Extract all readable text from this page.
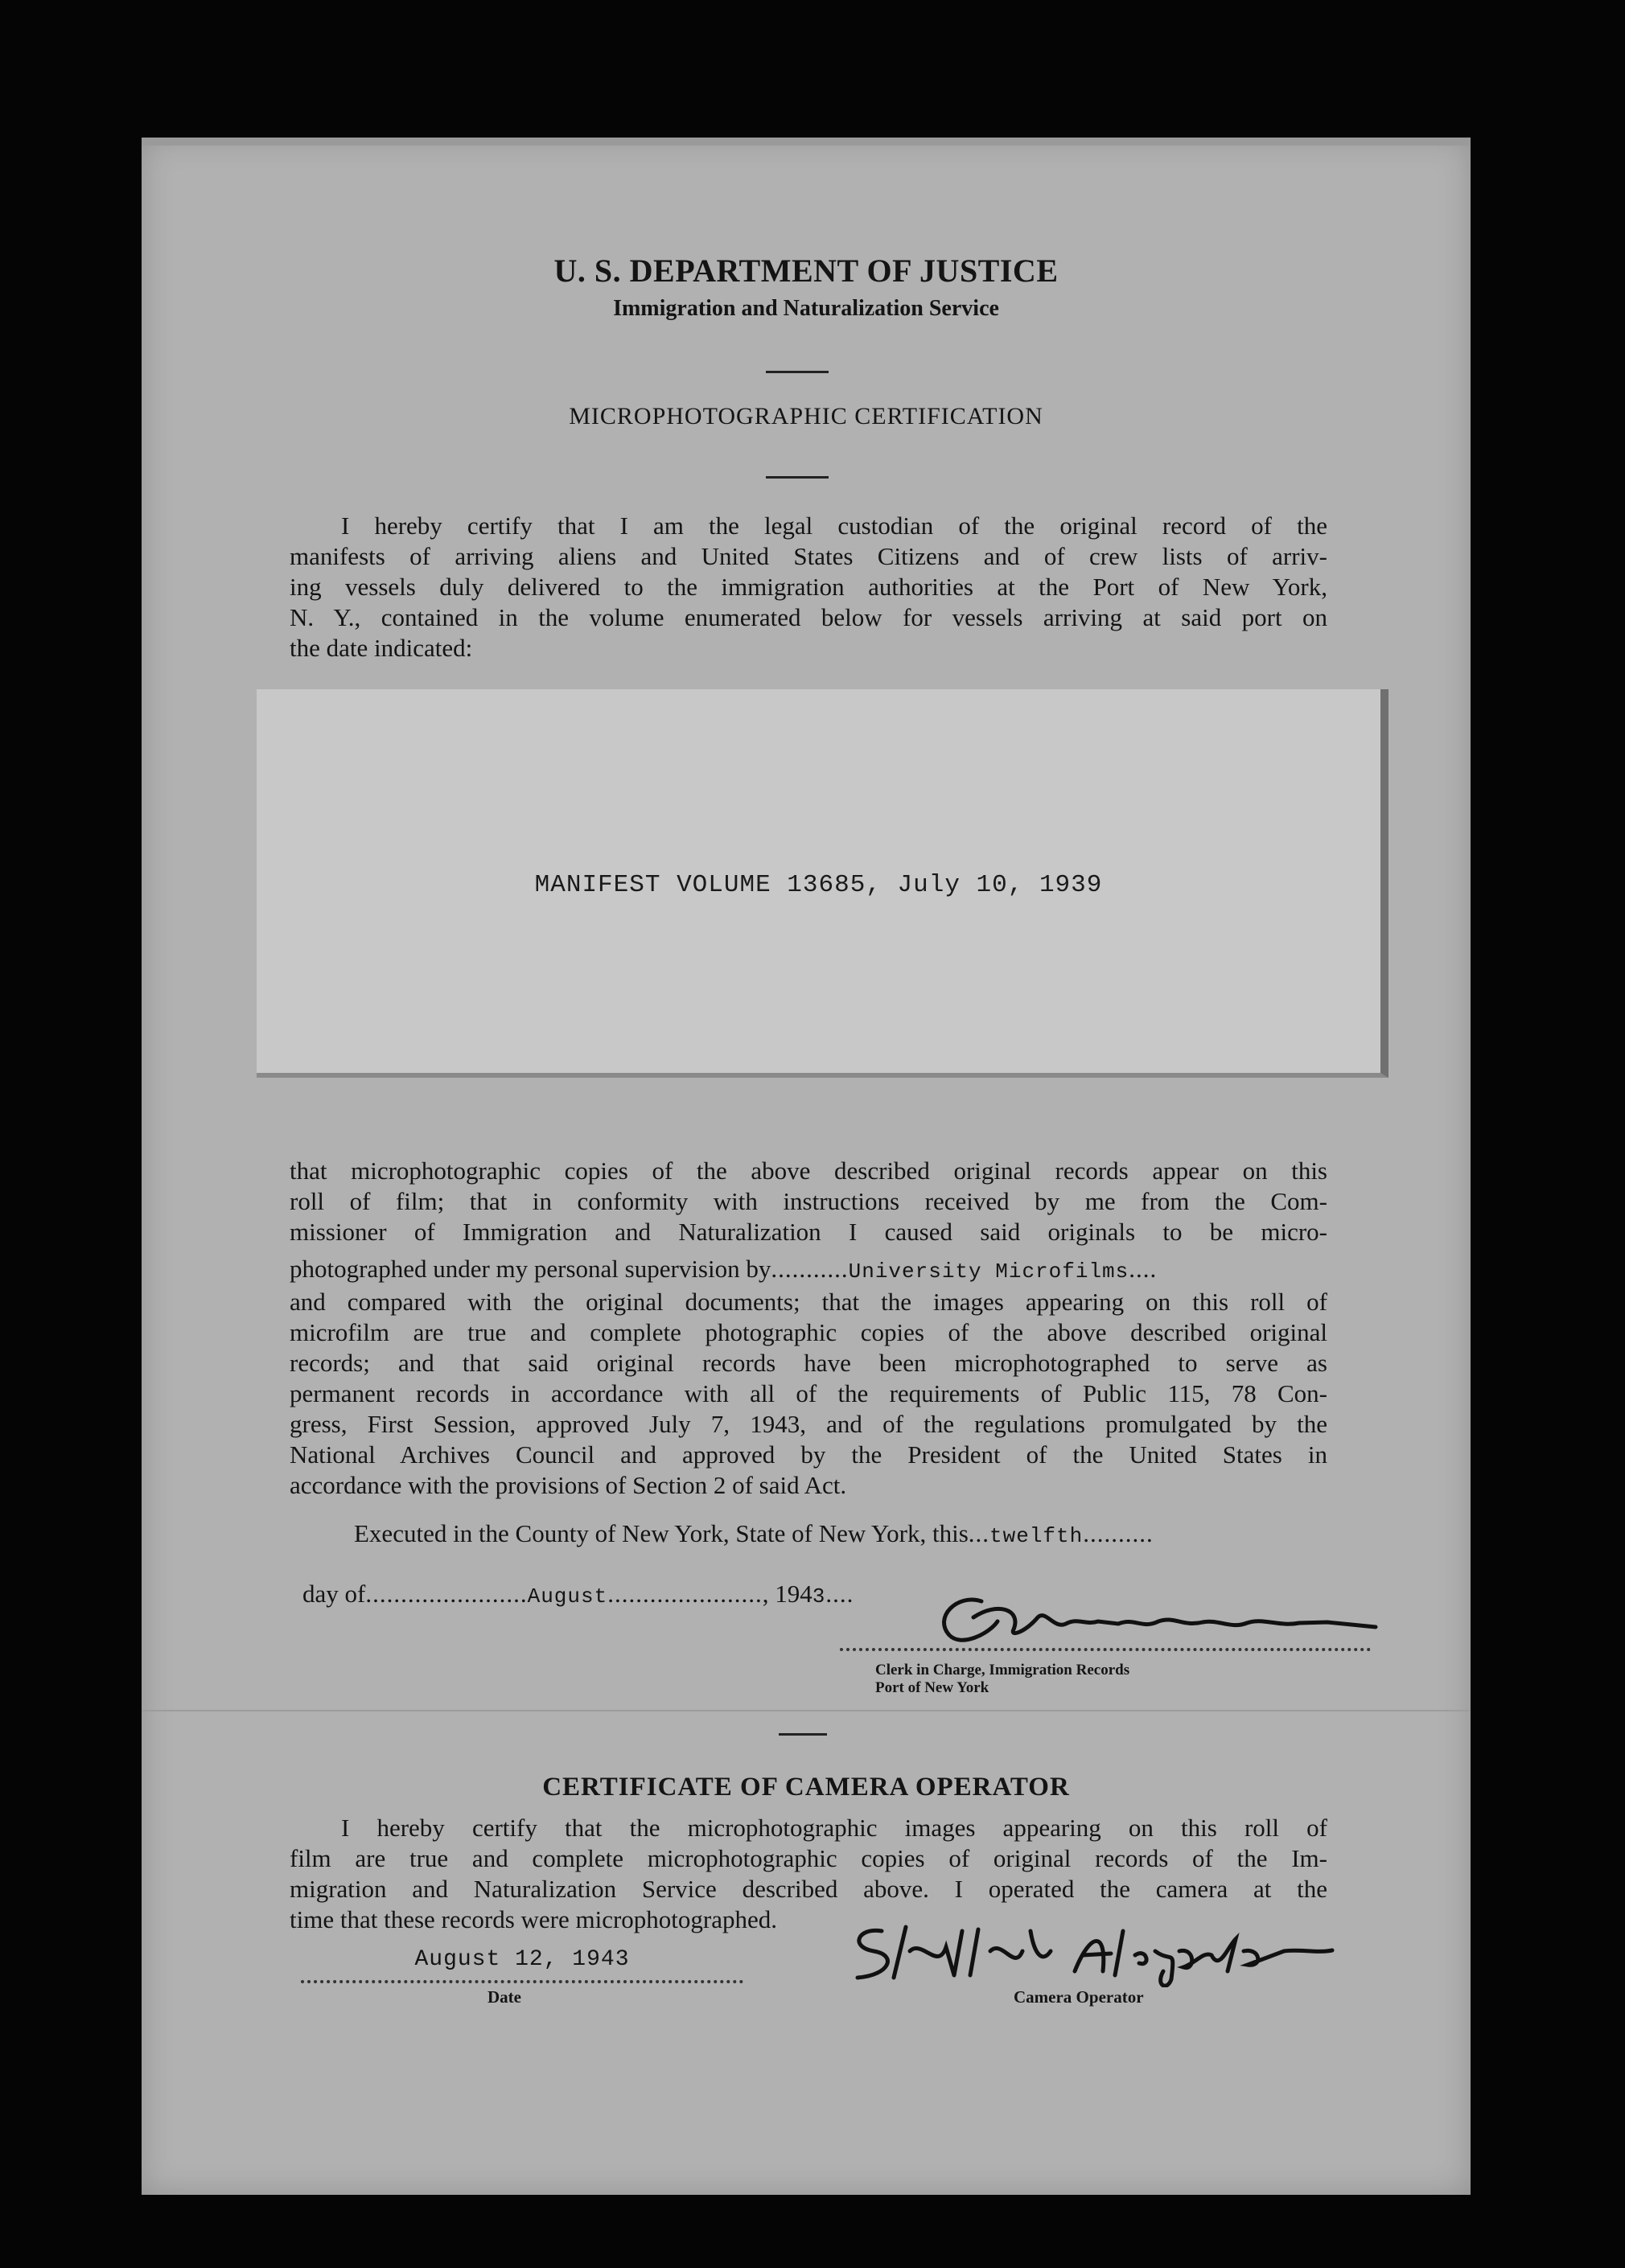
U. S. DEPARTMENT OF JUSTICE
Immigration and Naturalization Service
MICROPHOTOGRAPHIC CERTIFICATION
I hereby certify that I am the legal custodian of the original record of the
manifests of arriving aliens and United States Citizens and of crew lists of arriv-
ing vessels duly delivered to the immigration authorities at the Port of New York,
N. Y., contained in the volume enumerated below for vessels arriving at said port on
the date indicated:
MANIFEST VOLUME 13685, July 10, 1939
that microphotographic copies of the above described original records appear on this
roll of film; that in conformity with instructions received by me from the Com-
missioner of Immigration and Naturalization I caused said originals to be micro-
photographed under my personal supervision by...........University Microfilms....
and compared with the original documents; that the images appearing on this roll of
microfilm are true and complete photographic copies of the above described original
records; and that said original records have been microphotographed to serve as
permanent records in accordance with all of the requirements of Public 115, 78 Con-
gress, First Session, approved July 7, 1943, and of the regulations promulgated by the
National Archives Council and approved by the President of the United States in
accordance with the provisions of Section 2 of said Act.
Executed in the County of New York, State of New York, this...twelfth..........
day of.......................August......................, 1943....
Clerk in Charge, Immigration Records
Port of New York
CERTIFICATE OF CAMERA OPERATOR
I hereby certify that the microphotographic images appearing on this roll of
film are true and complete microphotographic copies of original records of the Im-
migration and Naturalization Service described above. I operated the camera at the
time that these records were microphotographed.
August 12, 1943
Date	Camera Operator
